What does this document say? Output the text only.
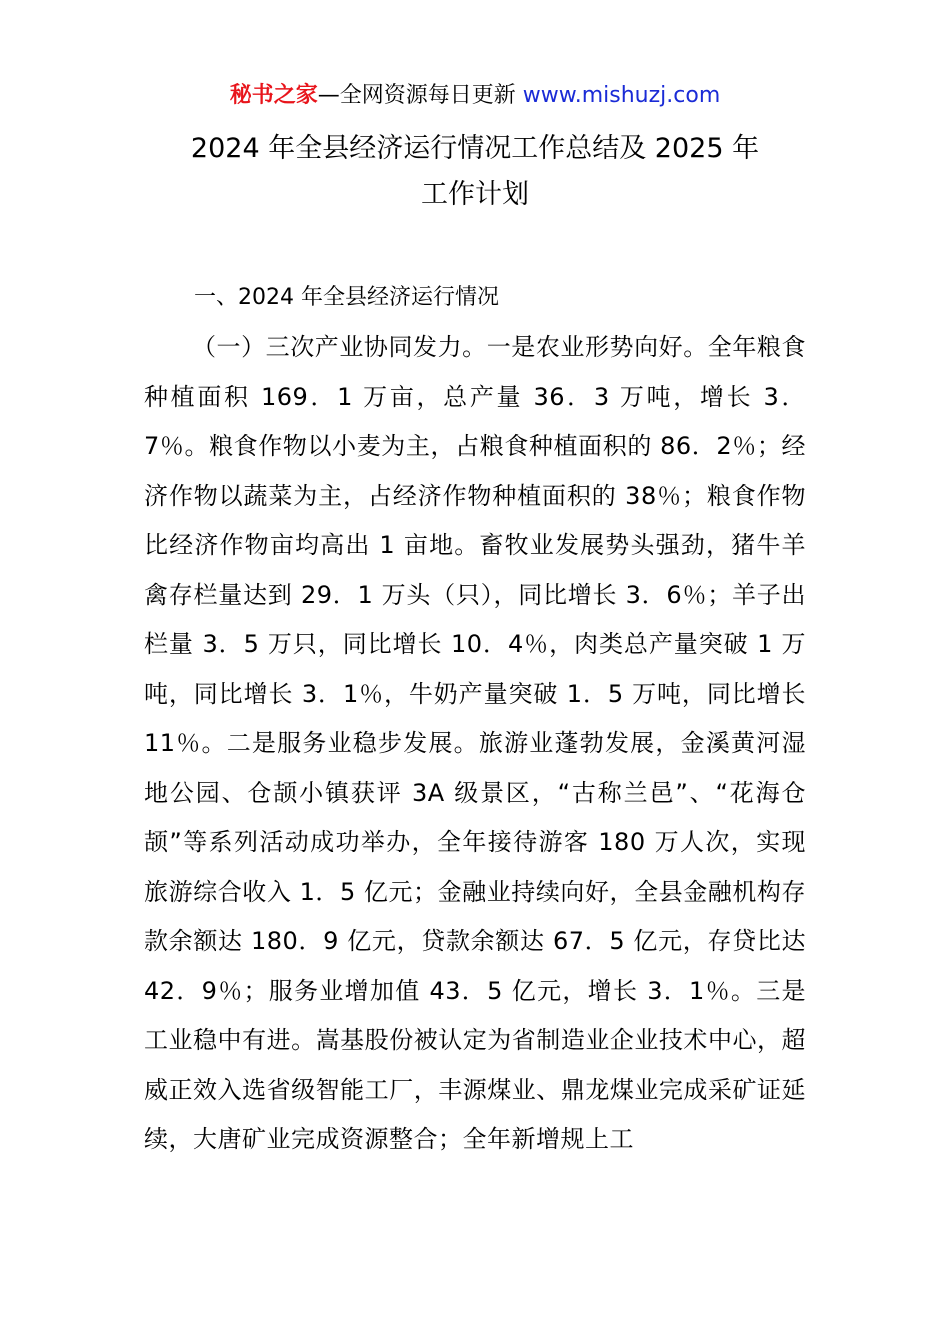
秘书之家—全网资源每日更新 www.mishuzj.com
2024 年全县经济运行情况工作总结及 2025 年
工作计划
一、2024 年全县经济运行情况

（一）三次产业协同发力。一是农业形势向好。全年粮食种植面积 169．1 万亩，总产量 36．3 万吨，增长 3．7％。粮食作物以小麦为主，占粮食种植面积的 86．2％；经济作物以蔬菜为主，占经济作物种植面积的 38％；粮食作物比经济作物亩均高出 1 亩地。畜牧业发展势头强劲，猪牛羊禽存栏量达到 29．1 万头（只），同比增长 3．6％；羊子出栏量 3．5 万只，同比增长 10．4％，肉类总产量突破 1 万吨，同比增长 3．1％，牛奶产量突破 1．5 万吨，同比增长 11％。二是服务业稳步发展。旅游业蓬勃发展，金溪黄河湿地公园、仓颉小镇获评 3A 级景区，“古称兰邑”、“花海仓颉”等系列活动成功举办，全年接待游客 180 万人次，实现旅游综合收入 1．5 亿元；金融业持续向好，全县金融机构存款余额达 180．9 亿元，贷款余额达 67．5 亿元，存贷比达 42．9％；服务业增加值 43．5 亿元，增长 3．1％。三是工业稳中有进。嵩基股份被认定为省制造业企业技术中心，超威正效入选省级智能工厂，丰源煤业、鼎龙煤业完成采矿证延续，大唐矿业完成资源整合；全年新增规上工
